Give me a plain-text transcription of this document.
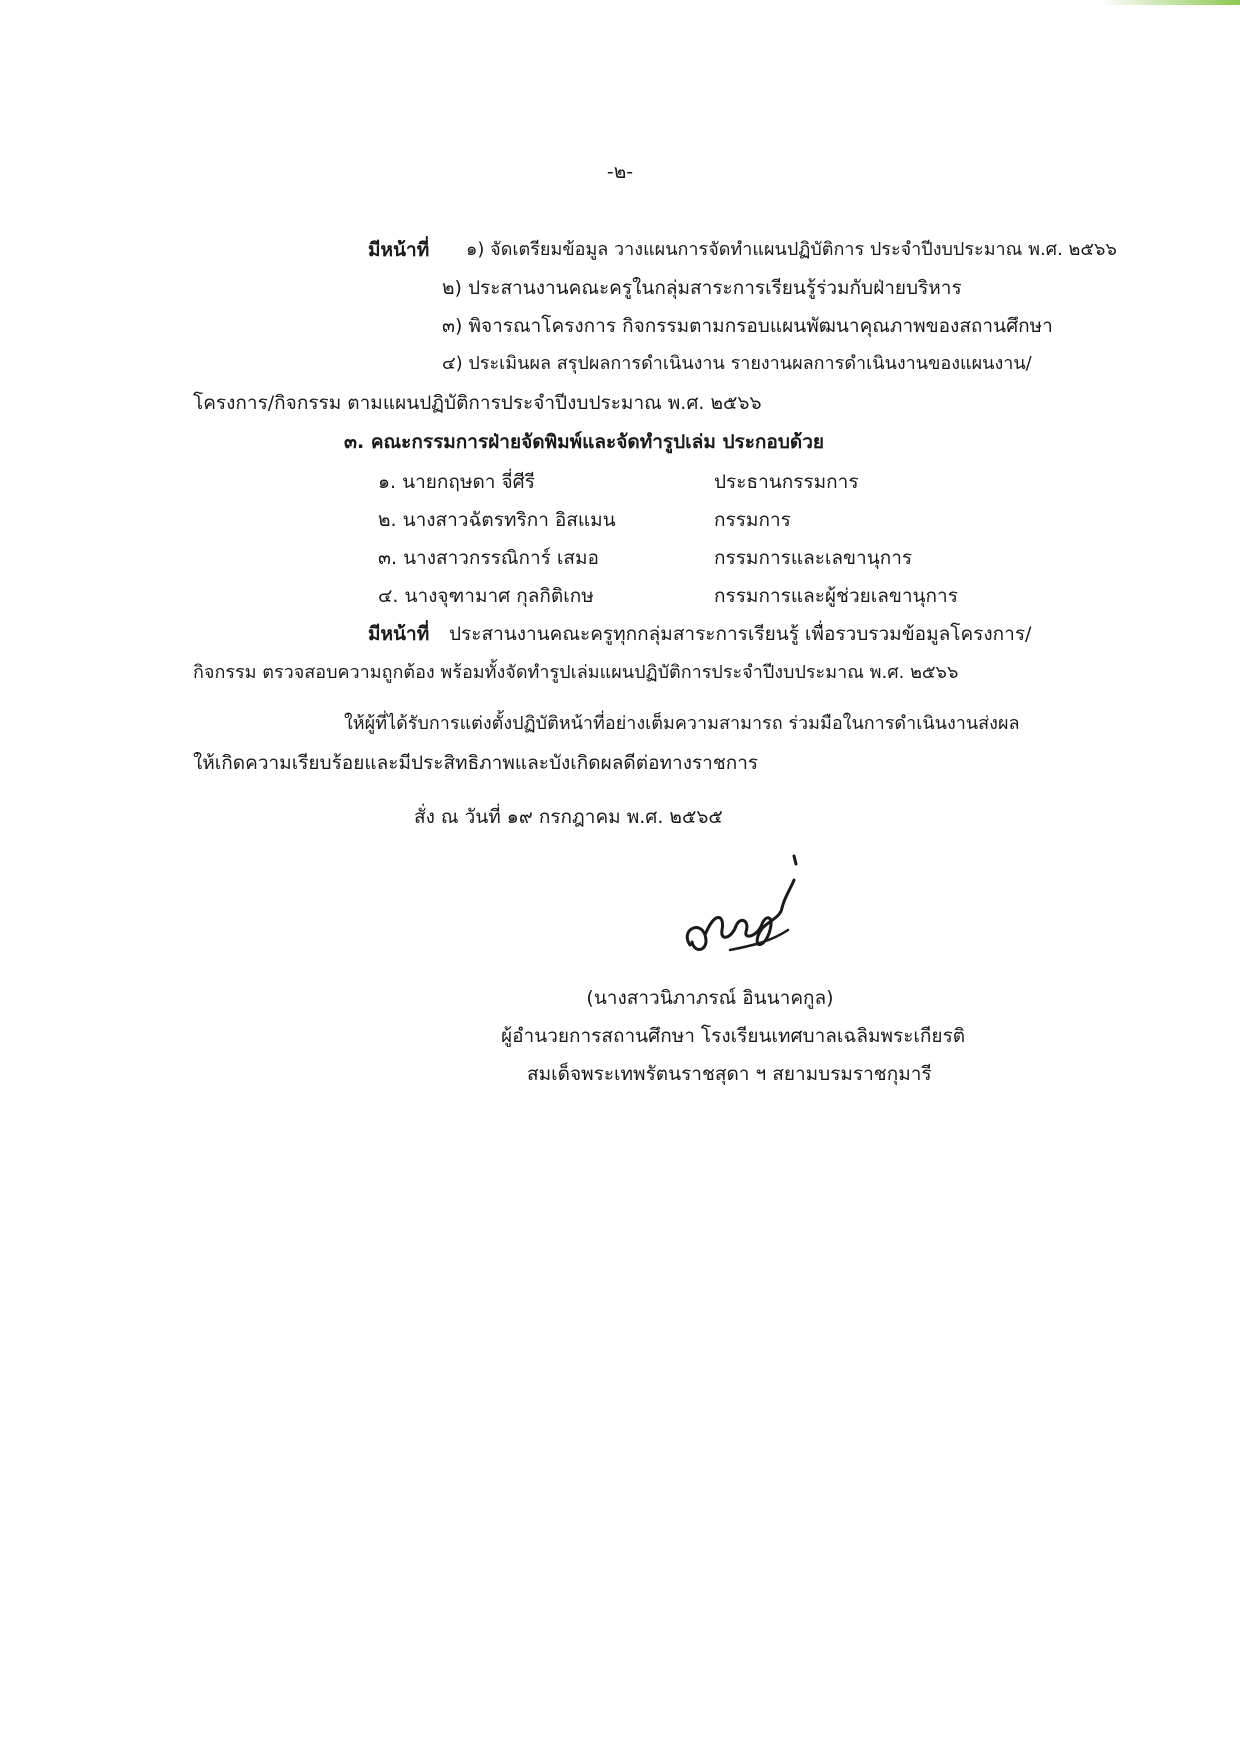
-๒-
มีหน้าที่ ๑) จัดเตรียมข้อมูล วางแผนการจัดทำแผนปฏิบัติการ ประจำปีงบประมาณ พ.ศ. ๒๕๖๖
๒) ประสานงานคณะครูในกลุ่มสาระการเรียนรู้ร่วมกับฝ่ายบริหาร
๓) พิจารณาโครงการ กิจกรรมตามกรอบแผนพัฒนาคุณภาพของสถานศึกษา
๔) ประเมินผล สรุปผลการดำเนินงาน รายงานผลการดำเนินงานของแผนงาน/
โครงการ/กิจกรรม ตามแผนปฏิบัติการประจำปีงบประมาณ พ.ศ. ๒๕๖๖
๓. คณะกรรมการฝ่ายจัดพิมพ์และจัดทำรูปเล่ม ประกอบด้วย
๑. นายกฤษดา จี่ศีรี	ประธานกรรมการ
๒. นางสาวฉัตรทริกา อิสแมน	กรรมการ
๓. นางสาวกรรณิการ์ เสมอ	กรรมการและเลขานุการ
๔. นางจุฑามาศ กุลกิติเกษ	กรรมการและผู้ช่วยเลขานุการ
มีหน้าที่ ประสานงานคณะครูทุกกลุ่มสาระการเรียนรู้ เพื่อรวบรวมข้อมูลโครงการ/
กิจกรรม ตรวจสอบความถูกต้อง พร้อมทั้งจัดทำรูปเล่มแผนปฏิบัติการประจำปีงบประมาณ พ.ศ. ๒๕๖๖
ให้ผู้ที่ได้รับการแต่งตั้งปฏิบัติหน้าที่อย่างเต็มความสามารถ ร่วมมือในการดำเนินงานส่งผล
ให้เกิดความเรียบร้อยและมีประสิทธิภาพและบังเกิดผลดีต่อทางราชการ
สั่ง ณ วันที่ ๑๙ กรกฎาคม พ.ศ. ๒๕๖๕
(นางสาวนิภาภรณ์ อินนาคกูล)
ผู้อำนวยการสถานศึกษา โรงเรียนเทศบาลเฉลิมพระเกียรติ
สมเด็จพระเทพรัตนราชสุดา ฯ สยามบรมราชกุมารี
